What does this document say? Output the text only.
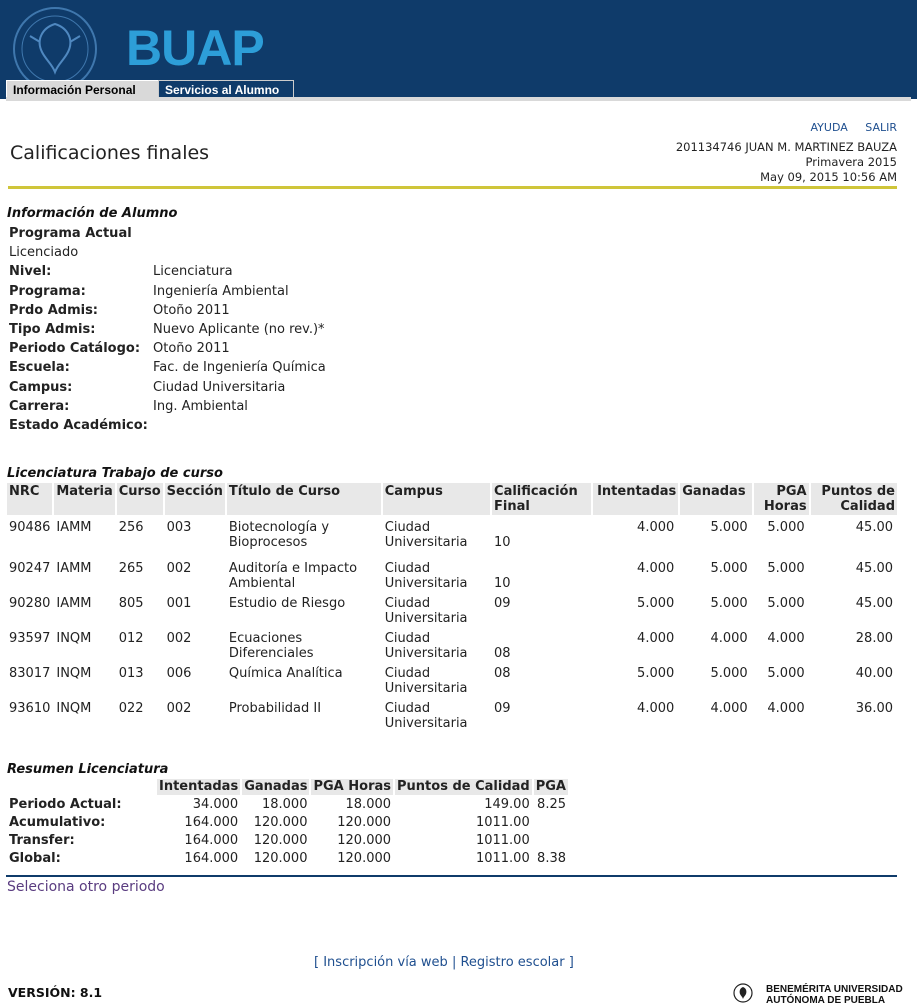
BUAP
Información Personal	Servicios al Alumno
AYUDA SALIR
Calificaciones finales	201134746 JUAN M. MARTINEZ BAUZA
Primavera 2015
May 09, 2015 10:56 AM
Información de Alumno
Programa Actual
Licenciado
Nivel:	Licenciatura
Programa:	Ingeniería Ambiental
Prdo Admis:	Otoño 2011
Tipo Admis:	Nuevo Aplicante (no rev.)*
Periodo Catálogo: Otoño 2011
Escuela:	Fac. de Ingeniería Química
Campus:	Ciudad Universitaria
Carrera:	Ing. Ambiental
Estado Académico:
Licenciatura Trabajo de curso
NRC	Materia	Curso	Sección	Título de Curso	Campus	Calificación Final	Intentadas	Ganadas	PGA Horas	Puntos de Calidad
90486	IAMM	256	003	Biotecnología y Bioprocesos	Ciudad Universitaria	10	4.000	5.000	5.000	45.00
90247	IAMM	265	002	Auditoría e Impacto Ambiental	Ciudad Universitaria	10	4.000	5.000	5.000	45.00
90280	IAMM	805	001	Estudio de Riesgo	Ciudad Universitaria	09	5.000	5.000	5.000	45.00
93597	INQM	012	002	Ecuaciones Diferenciales	Ciudad Universitaria	08	4.000	4.000	4.000	28.00
83017	INQM	013	006	Química Analítica	Ciudad Universitaria	08	5.000	5.000	5.000	40.00
93610	INQM	022	002	Probabilidad II	Ciudad Universitaria	09	4.000	4.000	4.000	36.00
Resumen Licenciatura
	Intentadas	Ganadas	PGA Horas	Puntos de Calidad	PGA
Periodo Actual:	34.000	18.000	18.000	149.00	8.25
Acumulativo:	164.000	120.000	120.000	1011.00	
Transfer:	164.000	120.000	120.000	1011.00	
Global:	164.000	120.000	120.000	1011.00	8.38
Seleciona otro periodo
[ Inscripción vía web | Registro escolar ]
VERSIÓN: 8.1	BENEMÉRITA UNIVERSIDAD
AUTÓNOMA DE PUEBLA
